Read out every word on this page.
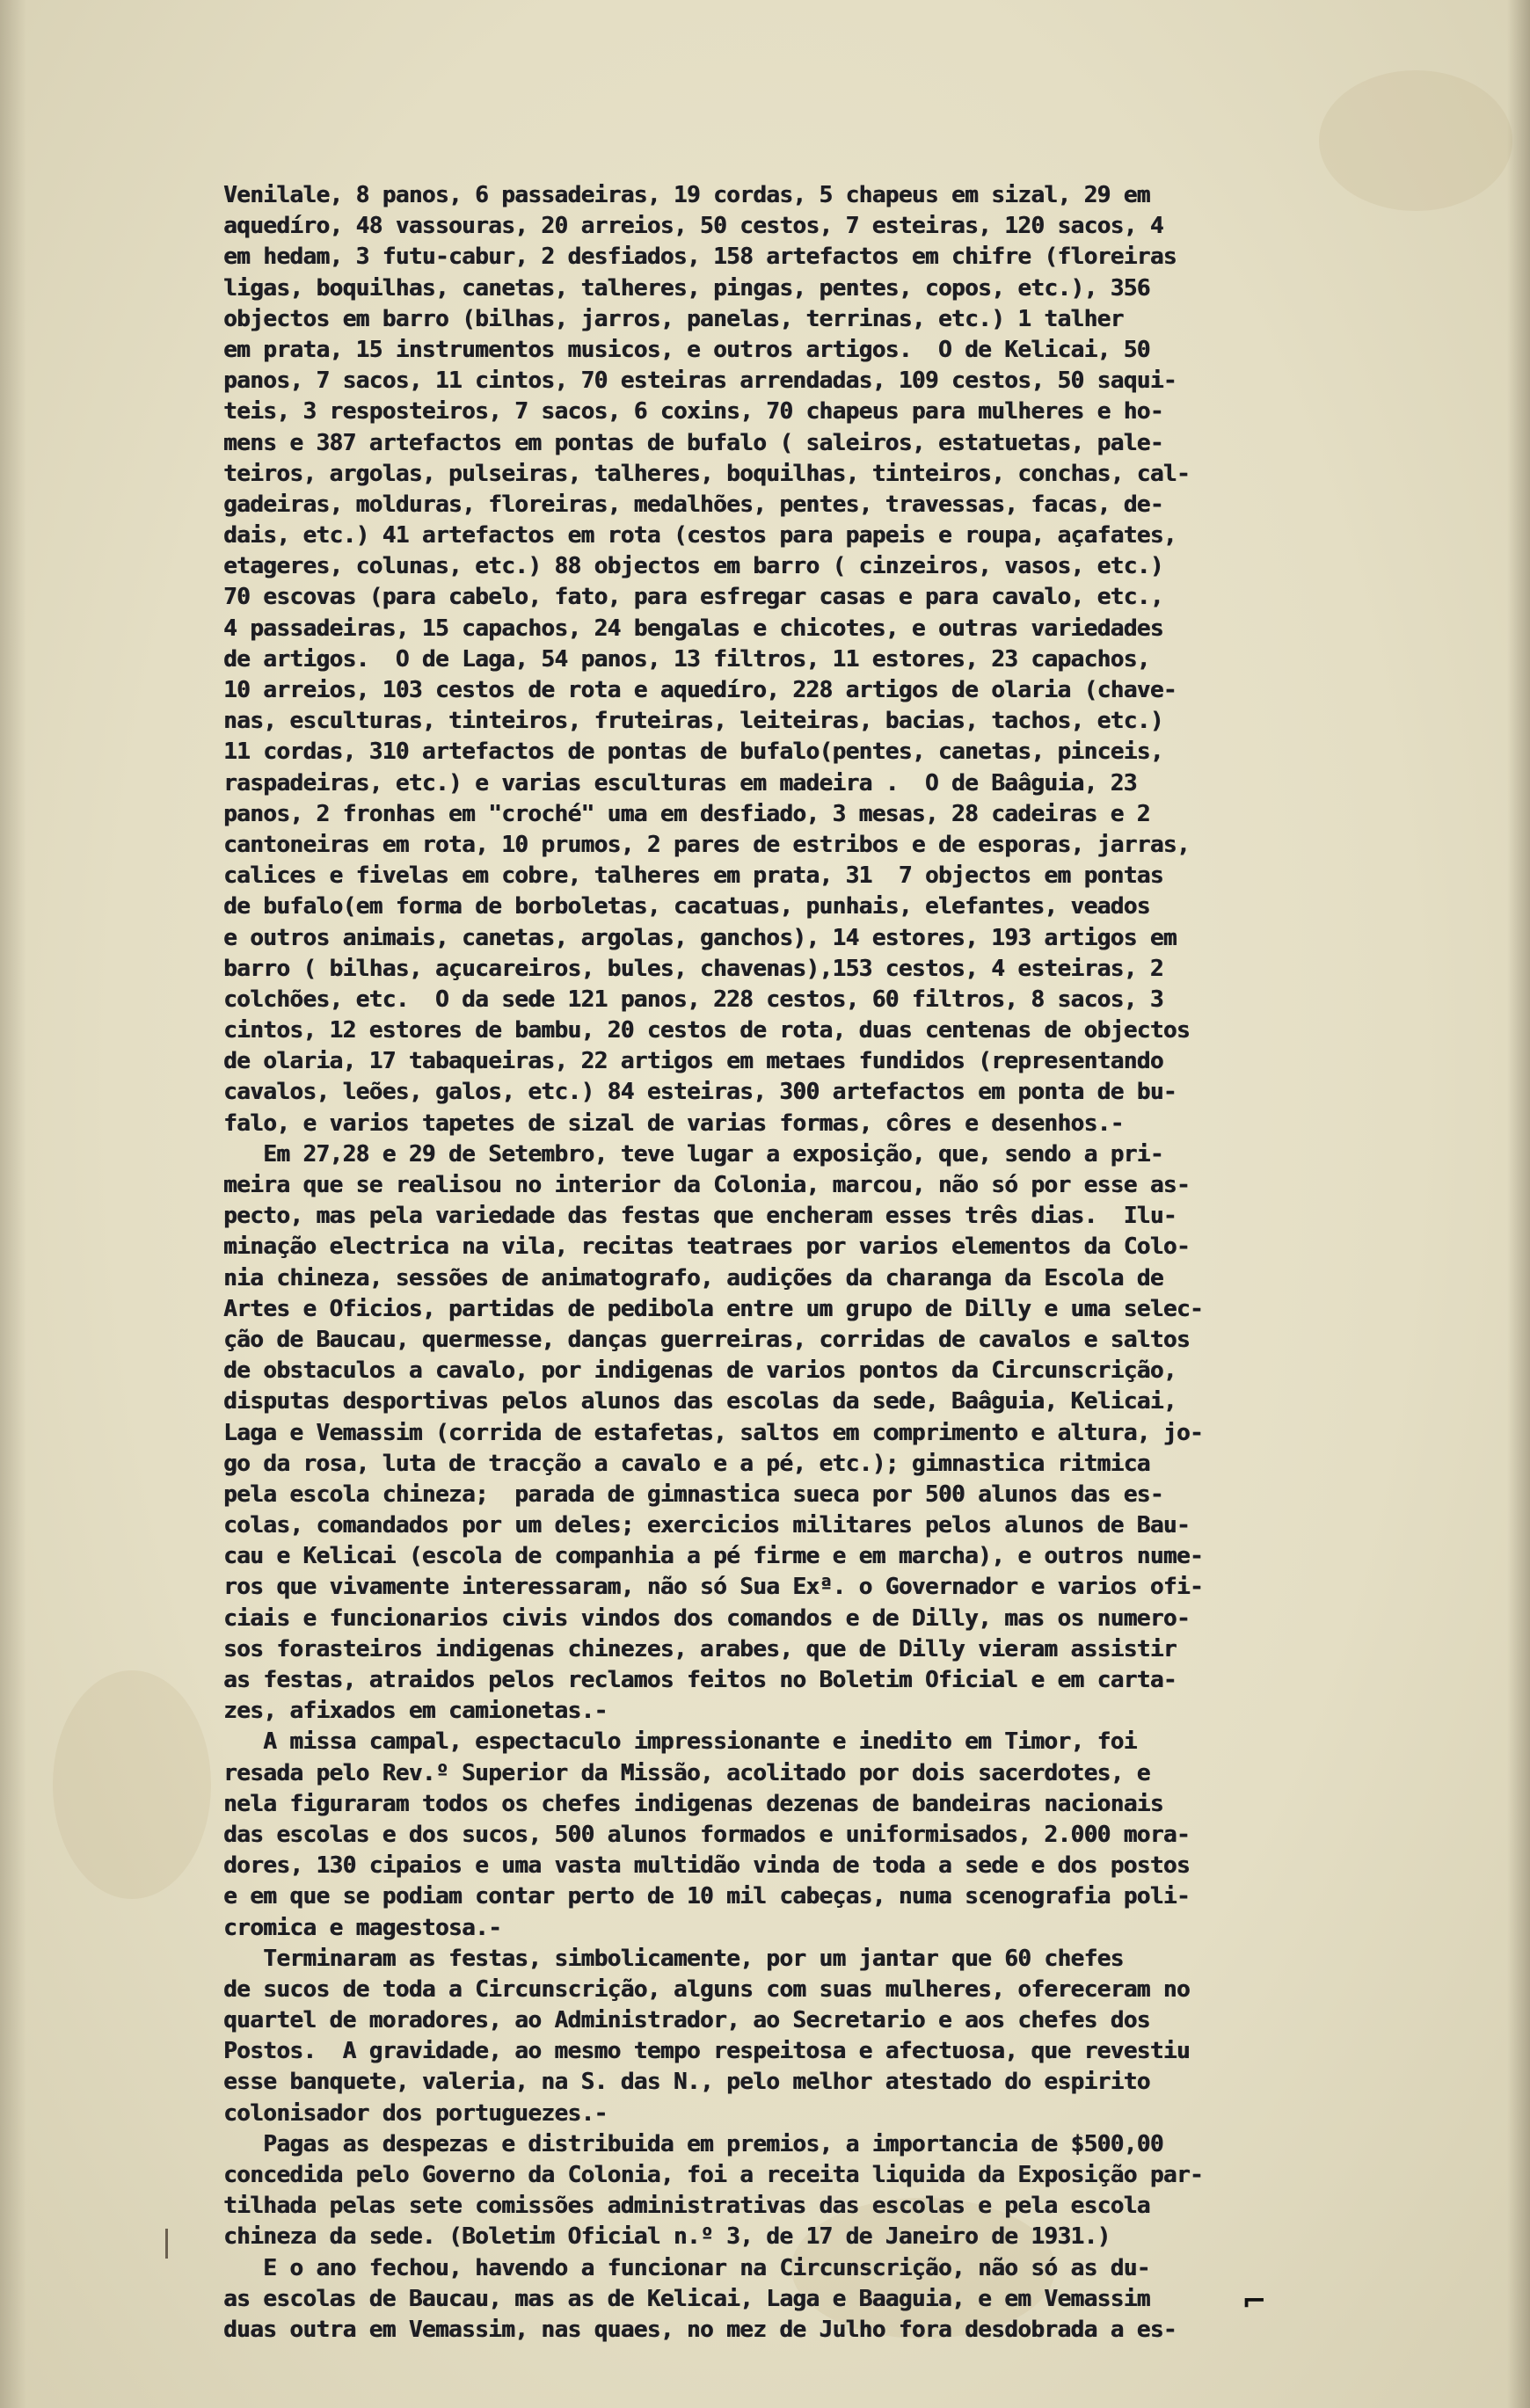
Venilale, 8 panos, 6 passadeiras, 19 cordas, 5 chapeus em sizal, 29 em
aquedíro, 48 vassouras, 20 arreios, 50 cestos, 7 esteiras, 120 sacos, 4
em hedam, 3 futu-cabur, 2 desfiados, 158 artefactos em chifre (floreiras
ligas, boquilhas, canetas, talheres, pingas, pentes, copos, etc.), 356
objectos em barro (bilhas, jarros, panelas, terrinas, etc.) 1 talher
em prata, 15 instrumentos musicos, e outros artigos.  O de Kelicai, 50
panos, 7 sacos, 11 cintos, 70 esteiras arrendadas, 109 cestos, 50 saqui-
teis, 3 resposteiros, 7 sacos, 6 coxins, 70 chapeus para mulheres e ho-
mens e 387 artefactos em pontas de bufalo ( saleiros, estatuetas, pale-
teiros, argolas, pulseiras, talheres, boquilhas, tinteiros, conchas, cal-
gadeiras, molduras, floreiras, medalhões, pentes, travessas, facas, de-
dais, etc.) 41 artefactos em rota (cestos para papeis e roupa, açafates,
etageres, colunas, etc.) 88 objectos em barro ( cinzeiros, vasos, etc.)
70 escovas (para cabelo, fato, para esfregar casas e para cavalo, etc.,
4 passadeiras, 15 capachos, 24 bengalas e chicotes, e outras variedades
de artigos.  O de Laga, 54 panos, 13 filtros, 11 estores, 23 capachos,
10 arreios, 103 cestos de rota e aquedíro, 228 artigos de olaria (chave-
nas, esculturas, tinteiros, fruteiras, leiteiras, bacias, tachos, etc.)
11 cordas, 310 artefactos de pontas de bufalo(pentes, canetas, pinceis,
raspadeiras, etc.) e varias esculturas em madeira .  O de Baâguia, 23
panos, 2 fronhas em "croché" uma em desfiado, 3 mesas, 28 cadeiras e 2
cantoneiras em rota, 10 prumos, 2 pares de estribos e de esporas, jarras,
calices e fivelas em cobre, talheres em prata, 31  7 objectos em pontas
de bufalo(em forma de borboletas, cacatuas, punhais, elefantes, veados
e outros animais, canetas, argolas, ganchos), 14 estores, 193 artigos em
barro ( bilhas, açucareiros, bules, chavenas),153 cestos, 4 esteiras, 2
colchões, etc.  O da sede 121 panos, 228 cestos, 60 filtros, 8 sacos, 3
cintos, 12 estores de bambu, 20 cestos de rota, duas centenas de objectos
de olaria, 17 tabaqueiras, 22 artigos em metaes fundidos (representando
cavalos, leões, galos, etc.) 84 esteiras, 300 artefactos em ponta de bu-
falo, e varios tapetes de sizal de varias formas, côres e desenhos.-
Em 27,28 e 29 de Setembro, teve lugar a exposição, que, sendo a pri-
meira que se realisou no interior da Colonia, marcou, não só por esse as-
pecto, mas pela variedade das festas que encheram esses três dias.  Ilu-
minação electrica na vila, recitas teatraes por varios elementos da Colo-
nia chineza, sessões de animatografo, audições da charanga da Escola de
Artes e Oficios, partidas de pedibola entre um grupo de Dilly e uma selec-
ção de Baucau, quermesse, danças guerreiras, corridas de cavalos e saltos
de obstaculos a cavalo, por indigenas de varios pontos da Circunscrição,
disputas desportivas pelos alunos das escolas da sede, Baâguia, Kelicai,
Laga e Vemassim (corrida de estafetas, saltos em comprimento e altura, jo-
go da rosa, luta de tracção a cavalo e a pé, etc.); gimnastica ritmica
pela escola chineza;  parada de gimnastica sueca por 500 alunos das es-
colas, comandados por um deles; exercicios militares pelos alunos de Bau-
cau e Kelicai (escola de companhia a pé firme e em marcha), e outros nume-
ros que vivamente interessaram, não só Sua Exª. o Governador e varios ofi-
ciais e funcionarios civis vindos dos comandos e de Dilly, mas os numero-
sos forasteiros indigenas chinezes, arabes, que de Dilly vieram assistir
as festas, atraidos pelos reclamos feitos no Boletim Oficial e em carta-
zes, afixados em camionetas.-
A missa campal, espectaculo impressionante e inedito em Timor, foi
resada pelo Rev.º Superior da Missão, acolitado por dois sacerdotes, e
nela figuraram todos os chefes indigenas dezenas de bandeiras nacionais
das escolas e dos sucos, 500 alunos formados e uniformisados, 2.000 mora-
dores, 130 cipaios e uma vasta multidão vinda de toda a sede e dos postos
e em que se podiam contar perto de 10 mil cabeças, numa scenografia poli-
cromica e magestosa.-
Terminaram as festas, simbolicamente, por um jantar que 60 chefes
de sucos de toda a Circunscrição, alguns com suas mulheres, ofereceram no
quartel de moradores, ao Administrador, ao Secretario e aos chefes dos
Postos.  A gravidade, ao mesmo tempo respeitosa e afectuosa, que revestiu
esse banquete, valeria, na S. das N., pelo melhor atestado do espirito
colonisador dos portuguezes.-
Pagas as despezas e distribuida em premios, a importancia de $500,00
concedida pelo Governo da Colonia, foi a receita liquida da Exposição par-
tilhada pelas sete comissões administrativas das escolas e pela escola
chineza da sede. (Boletim Oficial n.º 3, de 17 de Janeiro de 1931.)
E o ano fechou, havendo a funcionar na Circunscrição, não só as du-
as escolas de Baucau, mas as de Kelicai, Laga e Baaguia, e em Vemassim
duas outra em Vemassim, nas quaes, no mez de Julho fora desdobrada a es-
⌐
